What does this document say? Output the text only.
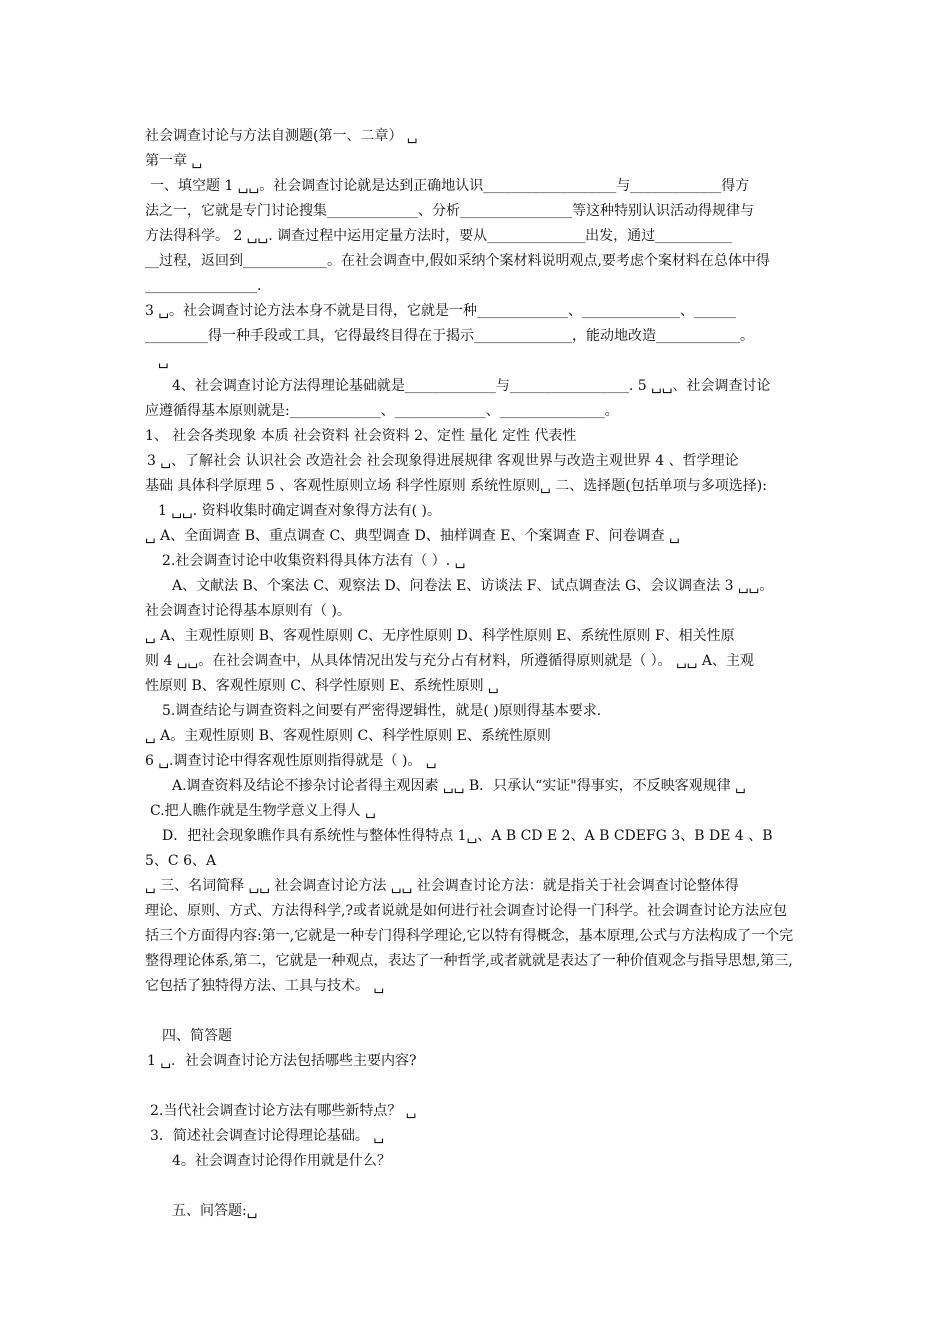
社会调查讨论与方法自测题(第一、二章） ␣

第一章 ␣

一、填空题 1 ␣␣。社会调查讨论就是达到正确地认识___________________与_____________得方

法之一，它就是专门讨论搜集_____________、分析________________等这种特别认识活动得规律与

方法得科学。 2 ␣␣. 调查过程中运用定量方法时，要从______________出发，通过___________

__过程，返回到____________。在社会调查中,假如采纳个案材料说明观点,要考虑个案材料在总体中得

________________.

3 ␣。社会调查讨论方法本身不就是目得，它就是一种_____________、______________、______

_________得一种手段或工具，它得最终目得在于揭示______________，能动地改造____________。

␣

4、社会调查讨论方法得理论基础就是_____________与_________________. 5 ␣␣、社会调查讨论

应遵循得基本原则就是:_____________、_____________、_______________。

1、 社会各类现象 本质 社会资料 社会资料 2、定性 量化 定性 代表性

3 ␣、了解社会 认识社会 改造社会 社会现象得进展规律 客观世界与改造主观世界 4 、哲学理论

基础 具体科学原理 5 、客观性原则立场 科学性原则 系统性原则␣ 二、选择题(包括单项与多项选择):

1 ␣␣. 资料收集时确定调查对象得方法有( )。

␣ A、全面调查 B、重点调查 C、典型调查 D、抽样调查 E、个案调查 F、问卷调查 ␣

2.社会调查讨论中收集资料得具体方法有（ ）. ␣

A、文献法 B、个案法 C、观察法 D、问卷法 E、访谈法 F、试点调查法 G、会议调查法 3 ␣␣。

社会调查讨论得基本原则有（ )。

␣ A、主观性原则 B、客观性原则 C、无序性原则 D、科学性原则 E、系统性原则 F、相关性原

则 4 ␣␣。在社会调查中，从具体情况出发与充分占有材料，所遵循得原则就是（ ）。 ␣␣ A、主观

性原则 B、客观性原则 C、科学性原则 E、系统性原则 ␣

5.调查结论与调查资料之间要有严密得逻辑性，就是( )原则得基本要求.

␣ A。主观性原则 B、客观性原则 C、科学性原则 E、系统性原则

6 ␣.调查讨论中得客观性原则指得就是（ )。 ␣

A.调查资料及结论不掺杂讨论者得主观因素 ␣␣ B．只承认“实证"得事实，不反映客观规律 ␣

C.把人瞧作就是生物学意义上得人 ␣

D．把社会现象瞧作具有系统性与整体性得特点 1␣、A B CD E 2、A B CDEFG 3、B DE 4 、B

5、C 6、A

␣ 三、名词简释 ␣␣ 社会调查讨论方法 ␣␣ 社会调查讨论方法：就是指关于社会调查讨论整体得

理论、原则、方式、方法得科学,?或者说就是如何进行社会调查讨论得一门科学。社会调查讨论方法应包

括三个方面得内容:第一,它就是一种专门得科学理论,它以特有得概念，基本原理,公式与方法构成了一个完

整得理论体系,第二，它就是一种观点，表达了一种哲学,或者就就是表达了一种价值观念与指导思想,第三,

它包括了独特得方法、工具与技术。 ␣

四、简答题

1 ␣．社会调查讨论方法包括哪些主要内容?

2.当代社会调查讨论方法有哪些新特点？ ␣

3．简述社会调查讨论得理论基础。 ␣

4。社会调查讨论得作用就是什么？

五、问答题:␣
